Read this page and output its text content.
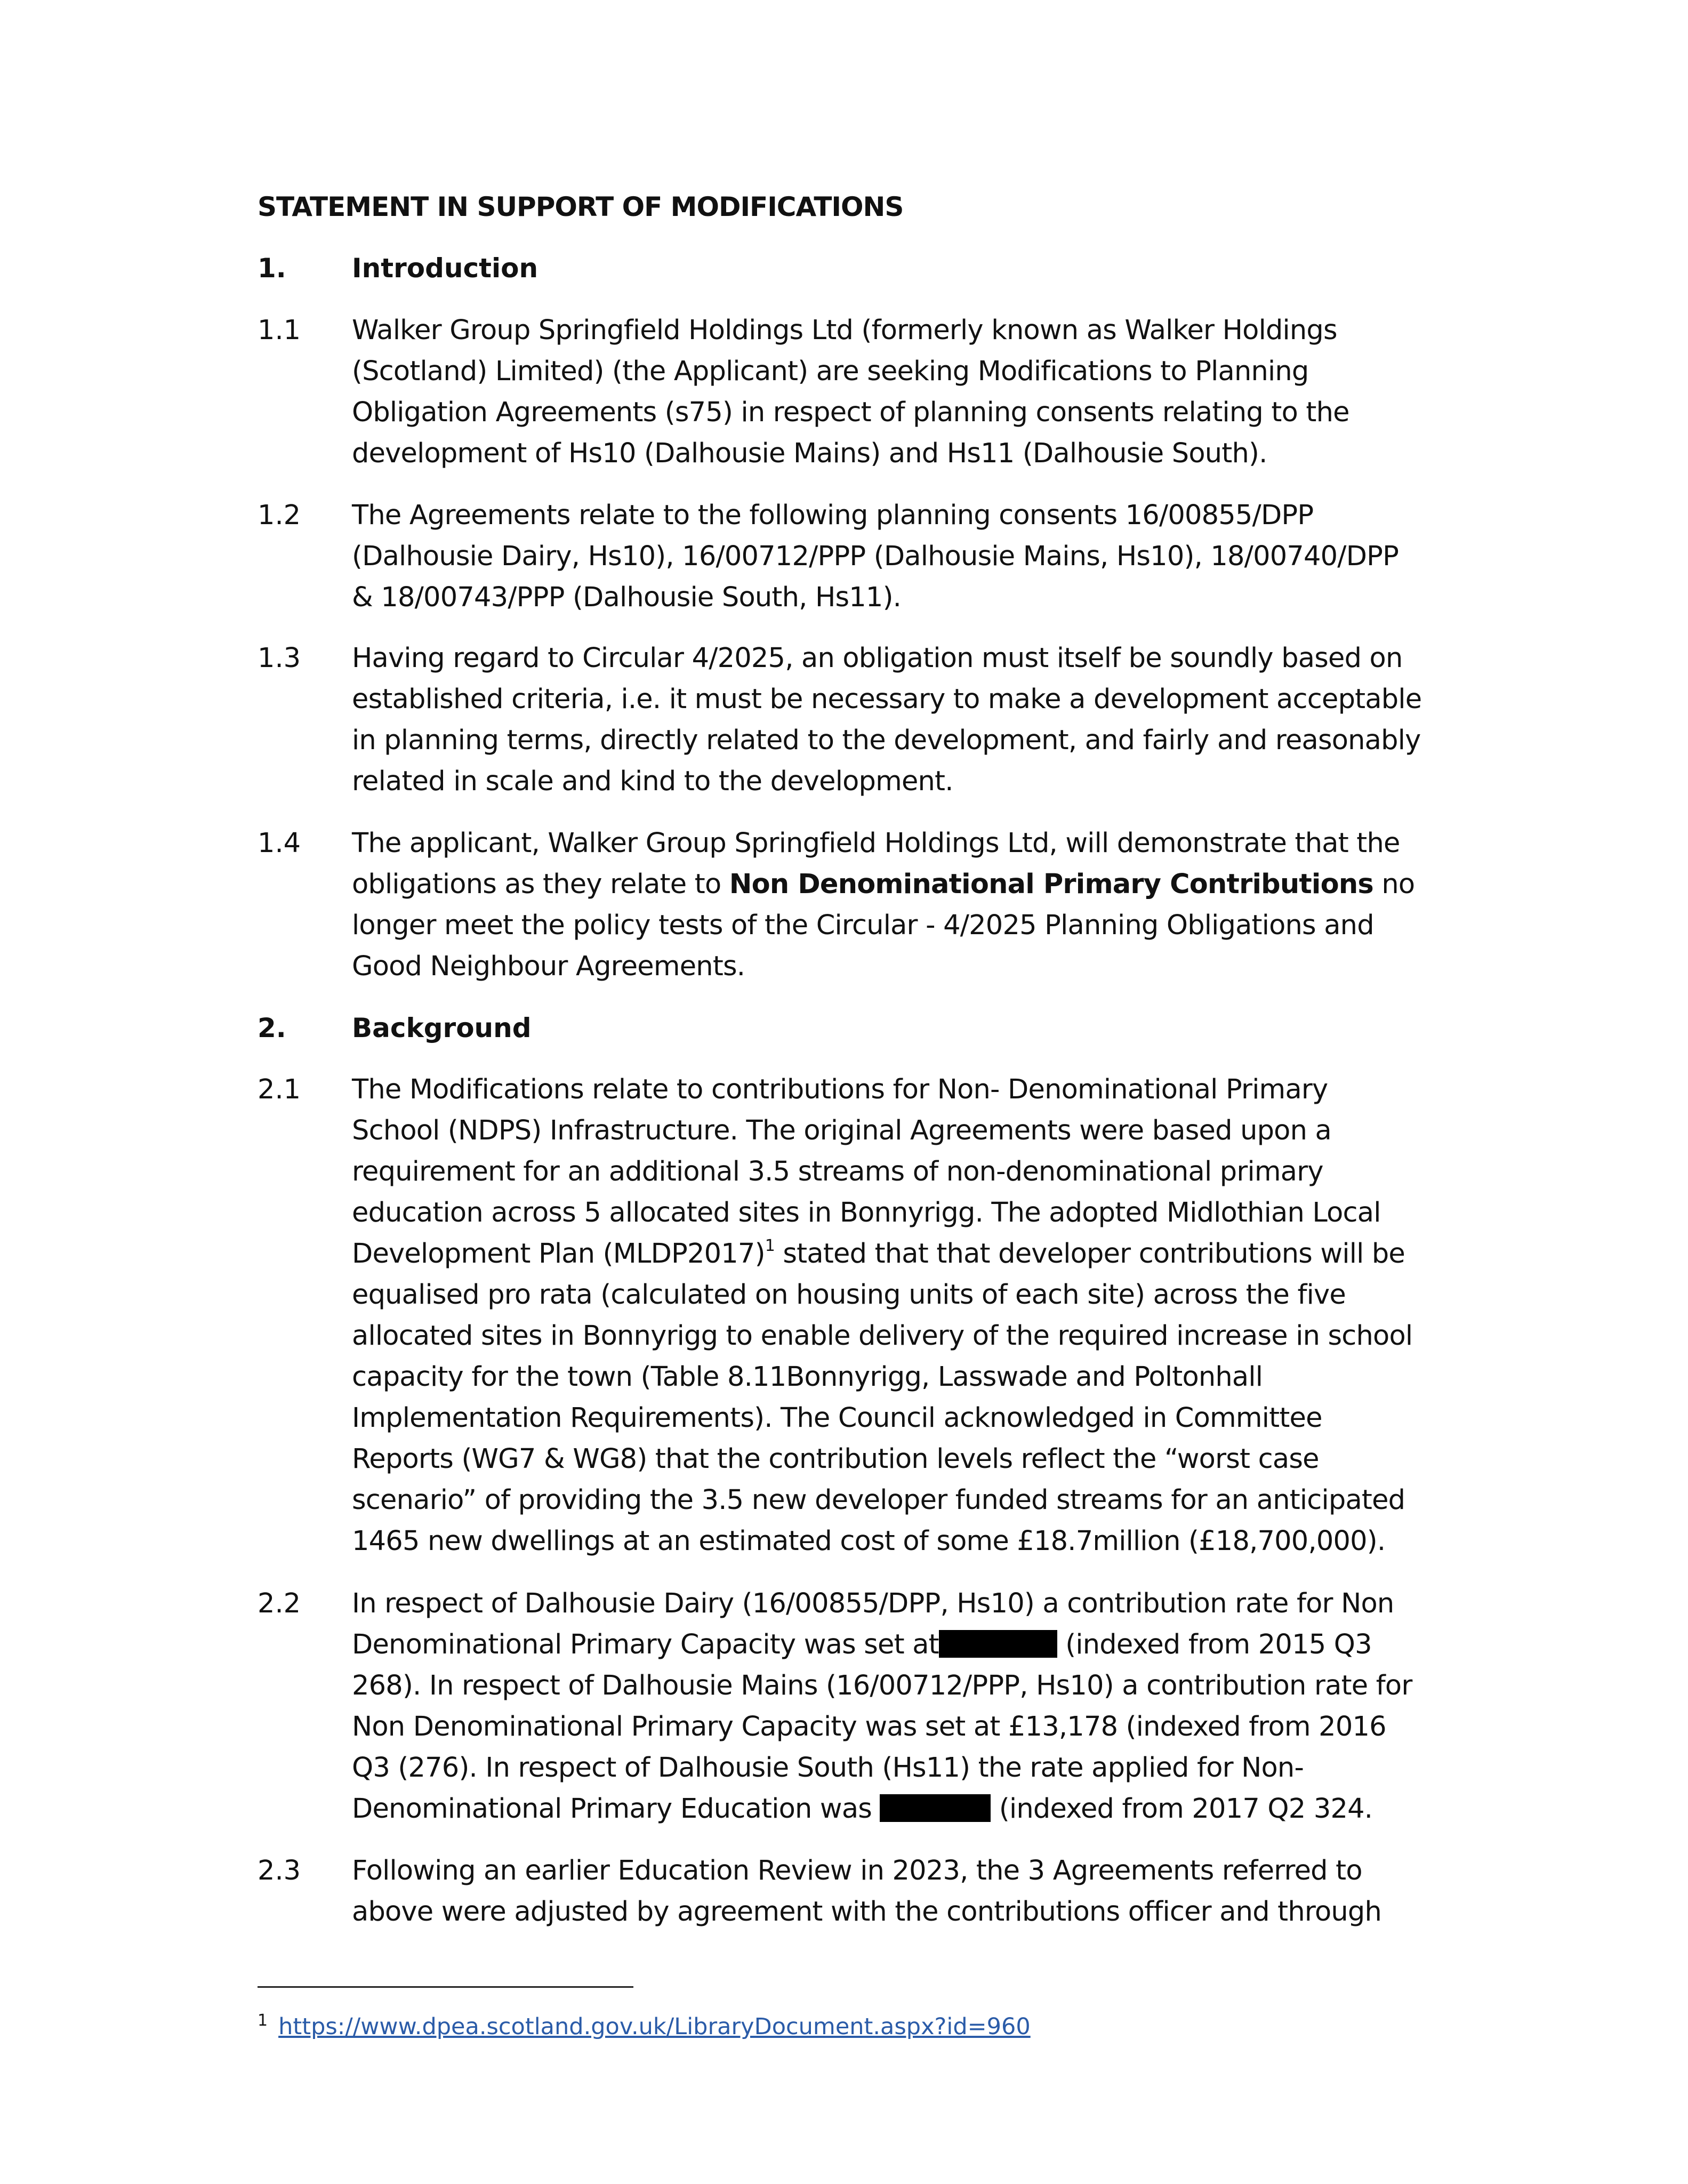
STATEMENT IN SUPPORT OF MODIFICATIONS
1. Introduction
1.1 Walker Group Springfield Holdings Ltd (formerly known as Walker Holdings
(Scotland) Limited) (the Applicant) are seeking Modifications to Planning
Obligation Agreements (s75) in respect of planning consents relating to the
development of Hs10 (Dalhousie Mains) and Hs11 (Dalhousie South).
1.2 The Agreements relate to the following planning consents 16/00855/DPP
(Dalhousie Dairy, Hs10), 16/00712/PPP (Dalhousie Mains, Hs10), 18/00740/DPP
& 18/00743/PPP (Dalhousie South, Hs11).
1.3 Having regard to Circular 4/2025, an obligation must itself be soundly based on
established criteria, i.e. it must be necessary to make a development acceptable
in planning terms, directly related to the development, and fairly and reasonably
related in scale and kind to the development.
1.4 The applicant, Walker Group Springfield Holdings Ltd, will demonstrate that the
obligations as they relate to Non Denominational Primary Contributions no
longer meet the policy tests of the Circular - 4/2025 Planning Obligations and
Good Neighbour Agreements.
2. Background
2.1 The Modifications relate to contributions for Non- Denominational Primary
School (NDPS) Infrastructure. The original Agreements were based upon a
requirement for an additional 3.5 streams of non-denominational primary
education across 5 allocated sites in Bonnyrigg. The adopted Midlothian Local
Development Plan (MLDP2017)$^1$ stated that that developer contributions will be
equalised pro rata (calculated on housing units of each site) across the five
allocated sites in Bonnyrigg to enable delivery of the required increase in school
capacity for the town (Table 8.11Bonnyrigg, Lasswade and Poltonhall
Implementation Requirements). The Council acknowledged in Committee
Reports (WG7 & WG8) that the contribution levels reflect the “worst case
scenario” of providing the 3.5 new developer funded streams for an anticipated
1465 new dwellings at an estimated cost of some £18.7million (£18,700,000).
2.2 In respect of Dalhousie Dairy (16/00855/DPP, Hs10) a contribution rate for Non
Denominational Primary Capacity was set at	(indexed from 2015 Q3
268). In respect of Dalhousie Mains (16/00712/PPP, Hs10) a contribution rate for
Non Denominational Primary Capacity was set at £13,178 (indexed from 2016
Q3 (276). In respect of Dalhousie South (Hs11) the rate applied for Non-
Denominational Primary Education was	(indexed from 2017 Q2 324.
2.3 Following an earlier Education Review in 2023, the 3 Agreements referred to
above were adjusted by agreement with the contributions officer and through
1 https://www.dpea.scotland.gov.uk/LibraryDocument.aspx?id=960
